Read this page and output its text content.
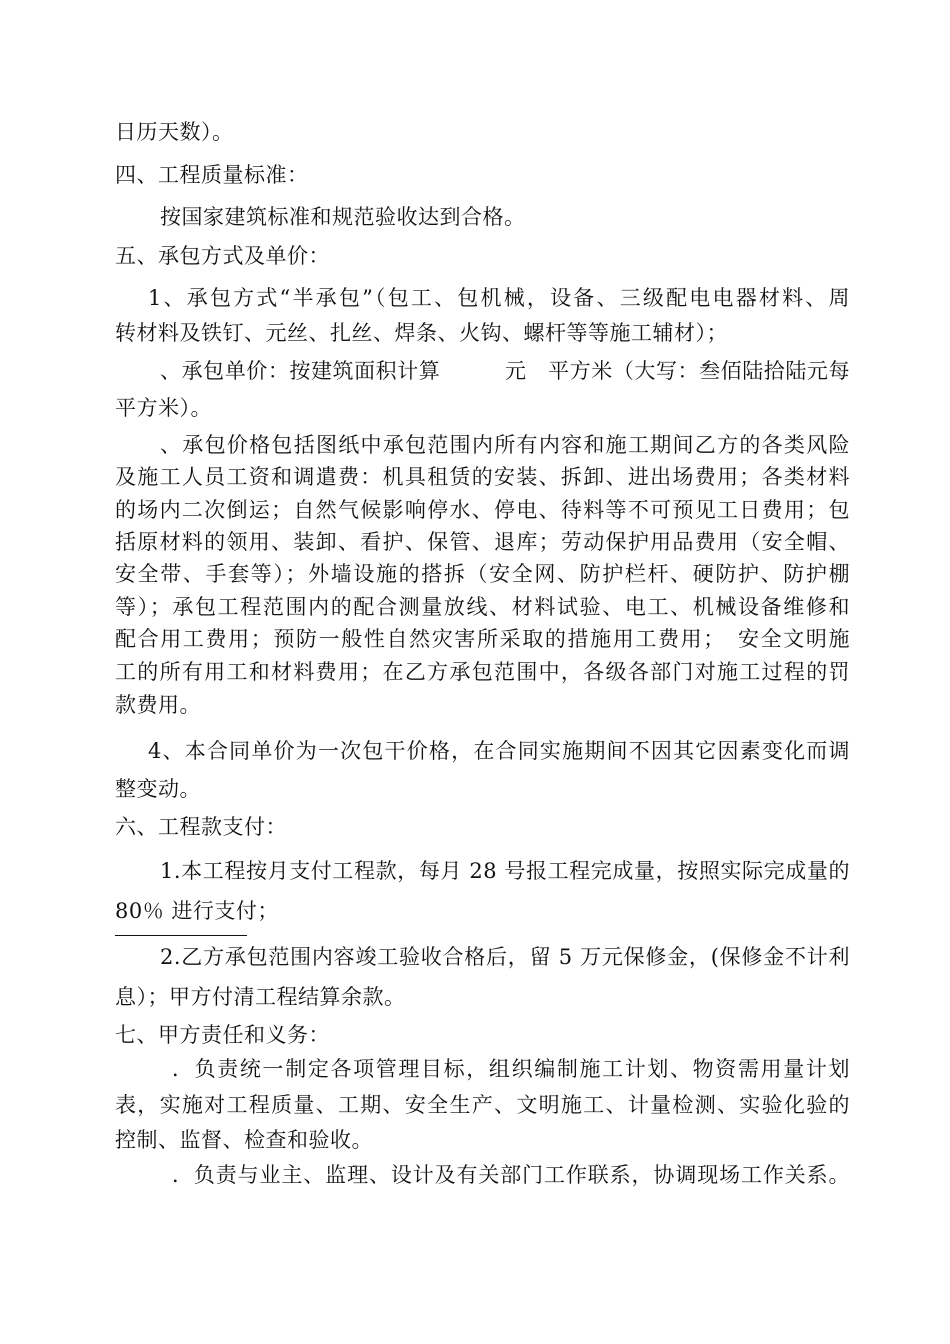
日历天数）。
四、工程质量标准：
按国家建筑标准和规范验收达到合格。
五、承包方式及单价：
1、承包方式“半承包”（包工、包机械，设备、三级配电电器材料、周
转材料及铁钉、元丝、扎丝、焊条、火钩、螺杆等等施工辅材）；
、承包单价：按建筑面积计算　　　元　平方米（大写：叁佰陆拾陆元每
平方米）。
、承包价格包括图纸中承包范围内所有内容和施工期间乙方的各类风险
及施工人员工资和调遣费：机具租赁的安装、拆卸、进出场费用；各类材料
的场内二次倒运；自然气候影响停水、停电、待料等不可预见工日费用；包
括原材料的领用、装卸、看护、保管、退库；劳动保护用品费用（安全帽、
安全带、手套等）；外墙设施的搭拆（安全网、防护栏杆、硬防护、防护棚
等）；承包工程范围内的配合测量放线、材料试验、电工、机械设备维修和
配合用工费用；预防一般性自然灾害所采取的措施用工费用；　安全文明施
工的所有用工和材料费用；在乙方承包范围中，各级各部门对施工过程的罚
款费用。
4、本合同单价为一次包干价格，在合同实施期间不因其它因素变化而调
整变动。
六、工程款支付：
1.本工程按月支付工程款，每月 28 号报工程完成量，按照实际完成量的
80％ 进行支付；
2.乙方承包范围内容竣工验收合格后，留 5 万元保修金，(保修金不计利
息）；甲方付清工程结算余款。
七、甲方责任和义务：
．负责统一制定各项管理目标，组织编制施工计划、物资需用量计划
表，实施对工程质量、工期、安全生产、文明施工、计量检测、实验化验的
控制、监督、检查和验收。
．负责与业主、监理、设计及有关部门工作联系，协调现场工作关系。
